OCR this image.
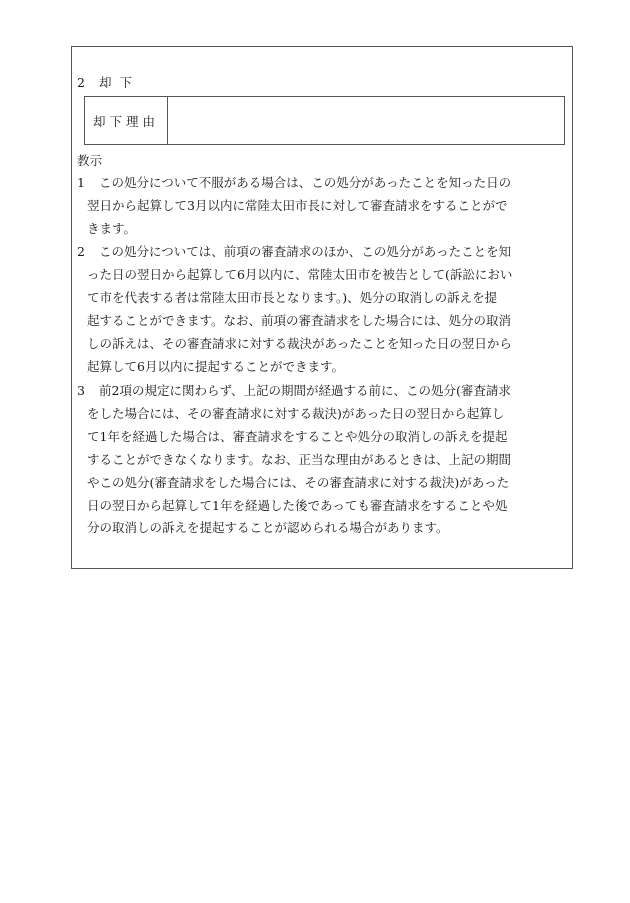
2 却 下
却下理由
教示
1 この処分について不服がある場合は、この処分があったことを知った日の
翌日から起算して3月以内に常陸太田市長に対して審査請求をすることがで
きます。
2 この処分については、前項の審査請求のほか、この処分があったことを知
った日の翌日から起算して6月以内に、常陸太田市を被告として(訴訟におい
て市を代表する者は常陸太田市長となります。)、処分の取消しの訴えを提
起することができます。なお、前項の審査請求をした場合には、処分の取消
しの訴えは、その審査請求に対する裁決があったことを知った日の翌日から
起算して6月以内に提起することができます。
3 前2項の規定に関わらず、上記の期間が経過する前に、この処分(審査請求
をした場合には、その審査請求に対する裁決)があった日の翌日から起算し
て1年を経過した場合は、審査請求をすることや処分の取消しの訴えを提起
することができなくなります。なお、正当な理由があるときは、上記の期間
やこの処分(審査請求をした場合には、その審査請求に対する裁決)があった
日の翌日から起算して1年を経過した後であっても審査請求をすることや処
分の取消しの訴えを提起することが認められる場合があります。
